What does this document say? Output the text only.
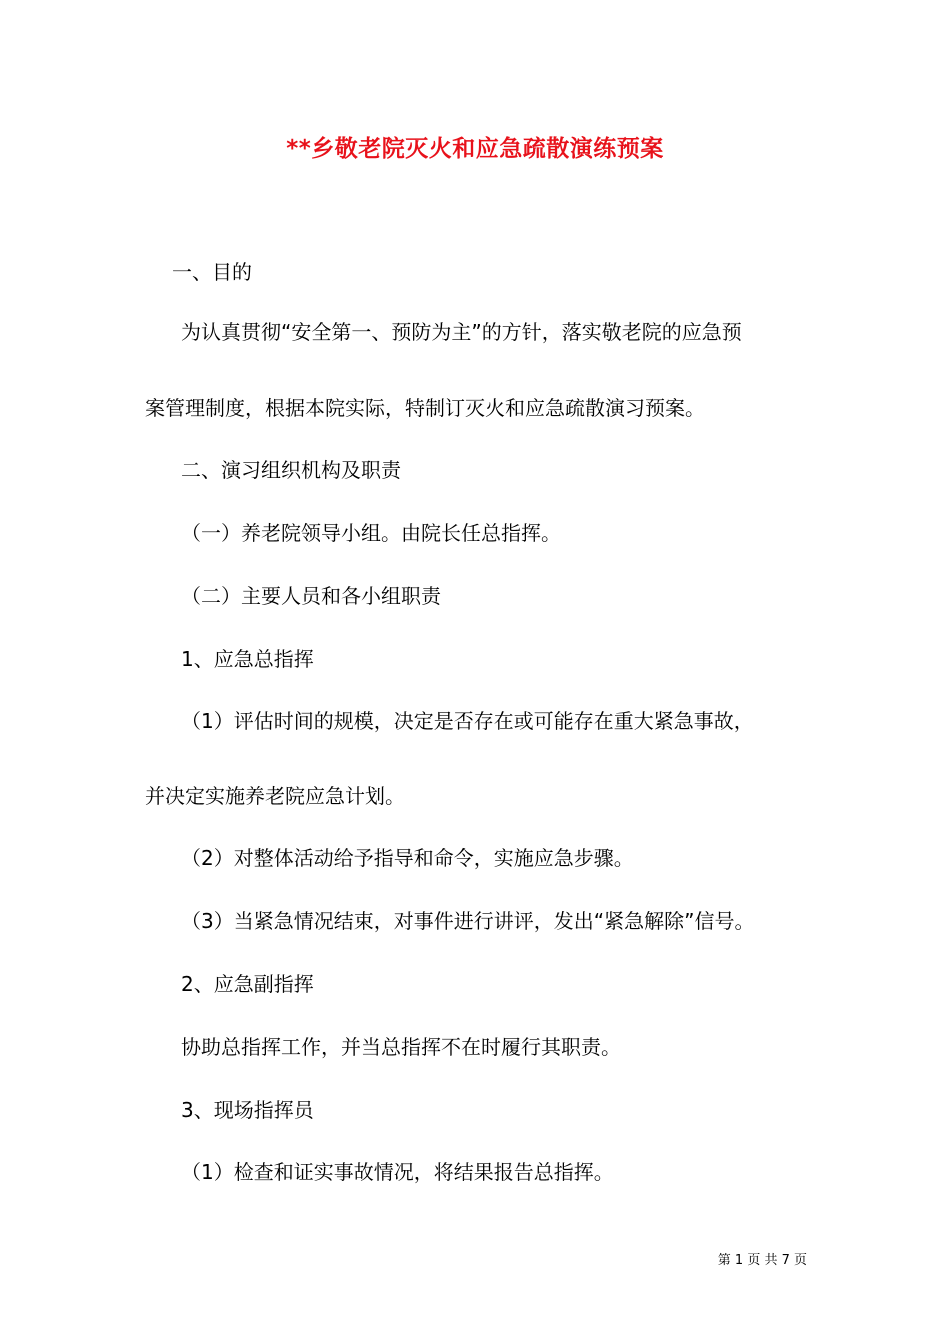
**乡敬老院灭火和应急疏散演练预案
一、目的
为认真贯彻“安全第一、预防为主”的方针，落实敬老院的应急预
案管理制度，根据本院实际，特制订灭火和应急疏散演习预案。
二、演习组织机构及职责
（一）养老院领导小组。由院长任总指挥。
（二）主要人员和各小组职责
1、应急总指挥
（1）评估时间的规模，决定是否存在或可能存在重大紧急事故，
并决定实施养老院应急计划。
（2）对整体活动给予指导和命令，实施应急步骤。
（3）当紧急情况结束，对事件进行讲评，发出“紧急解除”信号。
2、应急副指挥
协助总指挥工作，并当总指挥不在时履行其职责。
3、现场指挥员
（1）检查和证实事故情况，将结果报告总指挥。
第 1 页 共 7 页
